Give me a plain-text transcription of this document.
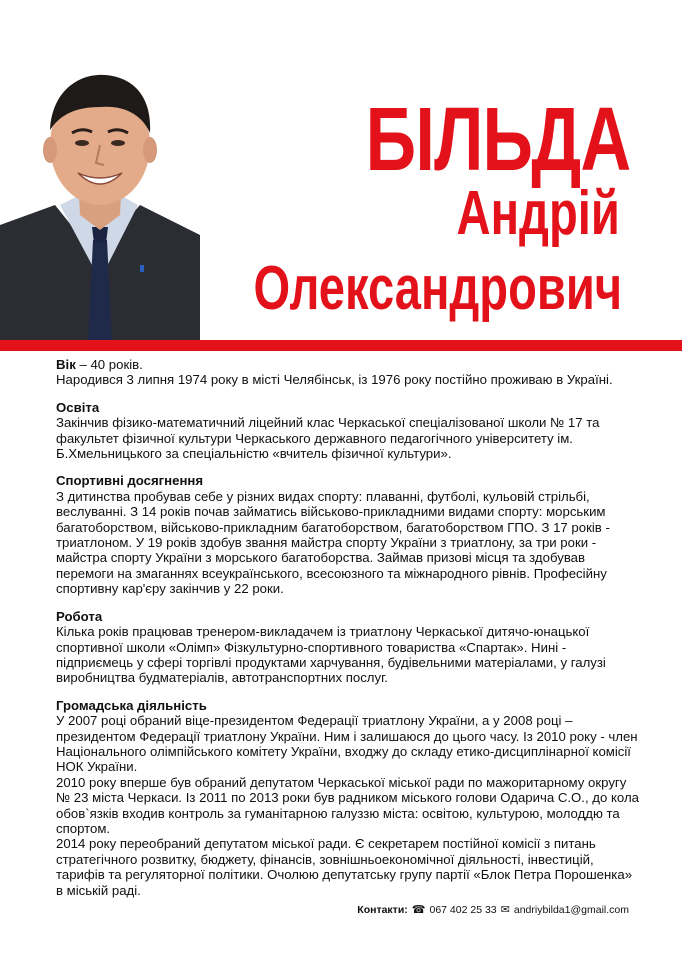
БІЛЬДА
Андрій
Олександрович

Вік – 40 років.

Народився 3 липня 1974 року в місті Челябінськ, із 1976 року постійно проживаю в Україні.

Освіта

Закінчив фізико-математичний ліцейний клас Черкаської спеціалізованої школи № 17 та факультет фізичної культури Черкаського державного педагогічного університету ім. Б.Хмельницького за спеціальністю «вчитель фізичної культури».

Спортивні досягнення

З дитинства пробував себе у різних видах спорту: плаванні, футболі, кульовій стрільбі, веслуванні. З 14 років почав займатись військово-прикладними видами спорту: морським багатоборством, військово-прикладним багатоборством, багатоборством ГПО. З 17 років - триатлоном. У 19 років здобув звання майстра спорту України з триатлону, за три роки - майстра спорту України з морського багатоборства. Займав призові місця та здобував перемоги на змаганнях всеукраїнського, всесоюзного та міжнародного рівнів. Професійну спортивну кар'єру закінчив у 22 роки.

Робота

Кілька років працював тренером-викладачем із триатлону Черкаської дитячо-юнацької спортивної школи «Олімп» Фізкультурно-спортивного товариства «Спартак». Нині - підприємець у сфері торгівлі продуктами харчування, будівельними матеріалами, у галузі виробництва будматеріалів, автотранспортних послуг.

Громадська діяльність

У 2007 році обраний віце-президентом Федерації триатлону України, а у 2008 році – президентом Федерації триатлону України. Ним і залишаюся до цього часу. Із 2010 року - член Національного олімпійського комітету України, входжу до складу етико-дисциплінарної комісії НОК України.

2010 року вперше був обраний депутатом Черкаської міської ради по мажоритарному округу № 23 міста Черкаси. Із 2011 по 2013 роки був радником міського голови Одарича С.О., до кола обов`язків входив контроль за гуманітарною галуззю міста: освітою, культурою, молоддю та спортом.

2014 року переобраний депутатом міської ради. Є секретарем постійної комісії з питань стратегічного розвитку, бюджету, фінансів, зовнішньоекономічної діяльності, інвестицій, тарифів та регуляторної політики. Очолюю депутатську групу партії «Блок Петра Порошенка» в міській раді.

Контакти: ☎ 067 402 25 33 ✉ andriybilda1@gmail.com
